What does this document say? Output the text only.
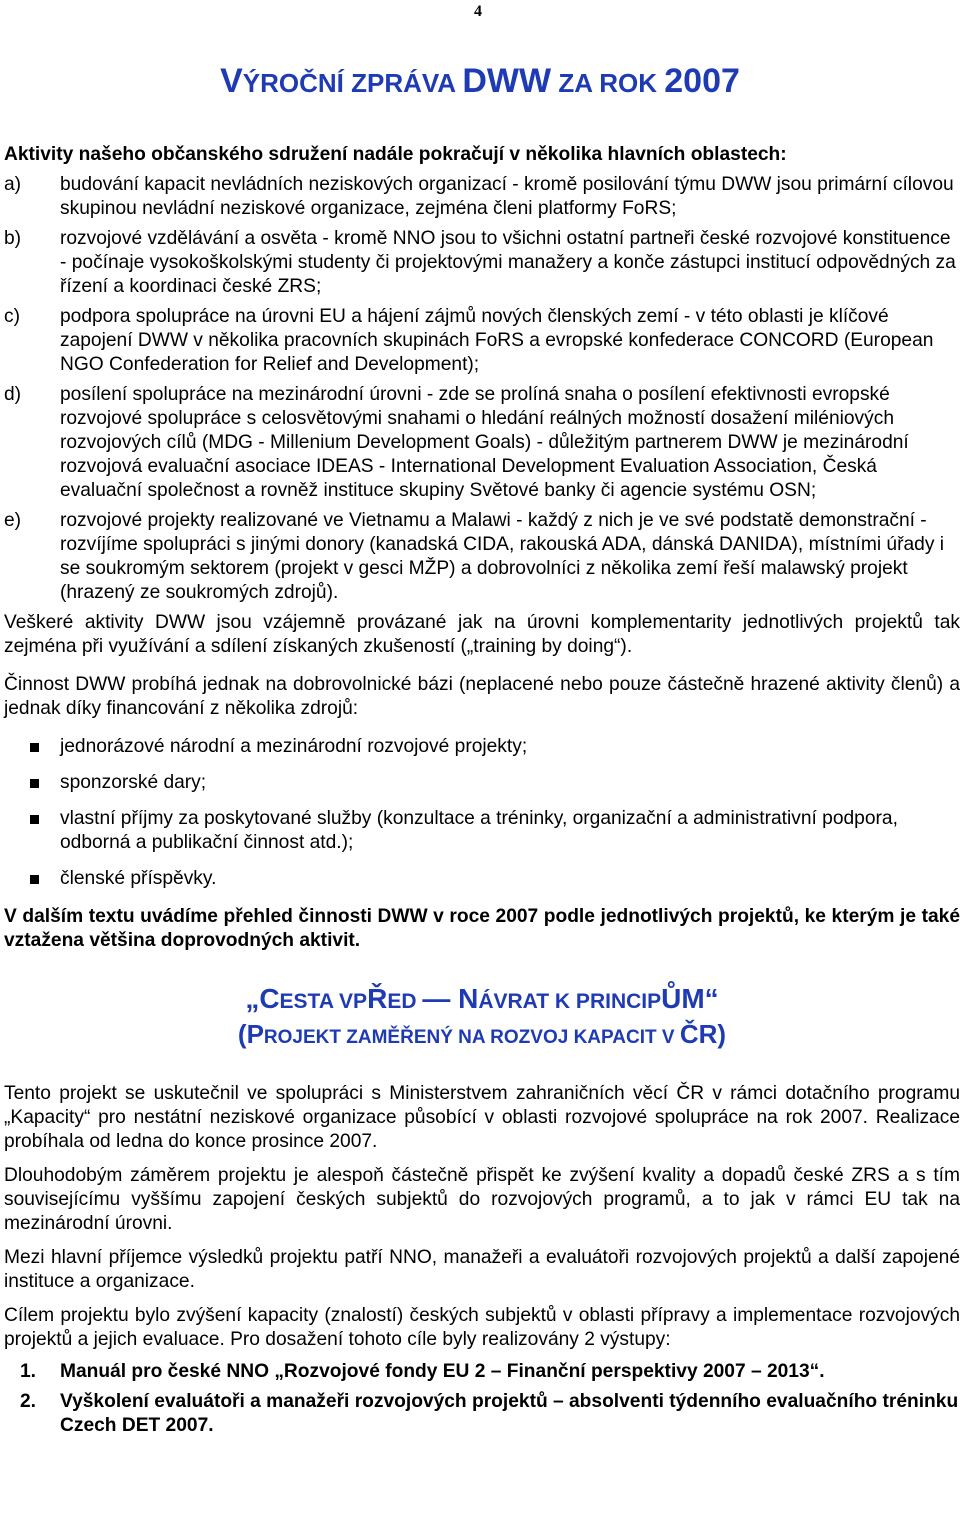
4
VÝROČNÍ ZPRÁVA DWW ZA ROK 2007

Aktivity našeho občanského sdružení nadále pokračují v několika hlavních oblastech:

a)	budování kapacit nevládních neziskových organizací - kromě posilování týmu DWW jsou primární cílovou skupinou nevládní neziskové organizace, zejména členi platformy FoRS;
b)	rozvojové vzdělávání a osvěta - kromě NNO jsou to všichni ostatní partneři české rozvojové konstituence - počínaje vysokoškolskými studenty či projektovými manažery a konče zástupci institucí odpovědných za řízení a koordinaci české ZRS;
c)	podpora spolupráce na úrovni EU a hájení zájmů nových členských zemí - v této oblasti je klíčové zapojení DWW v několika pracovních skupinách FoRS a evropské konfederace CONCORD (European NGO Confederation for Relief and Development);
d)	posílení spolupráce na mezinárodní úrovni - zde se prolíná snaha o posílení efektivnosti evropské rozvojové spolupráce s celosvětovými snahami o hledání reálných možností dosažení miléniových rozvojových cílů (MDG - Millenium Development Goals) - důležitým partnerem DWW je mezinárodní rozvojová evaluační asociace IDEAS - International Development Evaluation Association, Česká evaluační společnost a rovněž instituce skupiny Světové banky či agencie systému OSN;
e)	rozvojové projekty realizované ve Vietnamu a Malawi - každý z nich je ve své podstatě demonstrační - rozvíjíme spolupráci s jinými donory (kanadská CIDA, rakouská ADA, dánská DANIDA), místními úřady i se soukromým sektorem (projekt v gesci MŽP) a dobrovolníci z několika zemí řeší malawský projekt (hrazený ze soukromých zdrojů).

Veškeré aktivity DWW jsou vzájemně provázané jak na úrovni komplementarity jednotlivých projektů tak zejména při využívání a sdílení získaných zkušeností („training by doing“).

Činnost DWW probíhá jednak na dobrovolnické bázi (neplacené nebo pouze částečně hrazené aktivity členů) a jednak díky financování z několika zdrojů:

jednorázové národní a mezinárodní rozvojové projekty;
sponzorské dary;
vlastní příjmy za poskytované služby (konzultace a tréninky, organizační a administrativní podpora, odborná a publikační činnost atd.);
členské příspěvky.

V dalším textu uvádíme přehled činnosti DWW v roce 2007 podle jednotlivých projektů, ke kterým je také vztažena většina doprovodných aktivit.

„CESTA VPŘED — NÁVRAT K PRINCIPŮM“
(PROJEKT ZAMĚŘENÝ NA ROZVOJ KAPACIT V ČR)

Tento projekt se uskutečnil ve spolupráci s Ministerstvem zahraničních věcí ČR v rámci dotačního programu „Kapacity“ pro nestátní neziskové organizace působící v oblasti rozvojové spolupráce na rok 2007. Realizace probíhala od ledna do konce prosince 2007.

Dlouhodobým záměrem projektu je alespoň částečně přispět ke zvýšení kvality a dopadů české ZRS a s tím souvisejícímu vyššímu zapojení českých subjektů do rozvojových programů, a to jak v rámci EU tak na mezinárodní úrovni.

Mezi hlavní příjemce výsledků projektu patří NNO, manažeři a evaluátoři rozvojových projektů a další zapojené instituce a organizace.

Cílem projektu bylo zvýšení kapacity (znalostí) českých subjektů v oblasti přípravy a implementace rozvojových projektů a jejich evaluace. Pro dosažení tohoto cíle byly realizovány 2 výstupy:

1.	Manuál pro české NNO „Rozvojové fondy EU 2 – Finanční perspektivy 2007 – 2013“.
2.	Vyškolení evaluátoři a manažeři rozvojových projektů – absolventi týdenního evaluačního tréninku Czech DET 2007.
